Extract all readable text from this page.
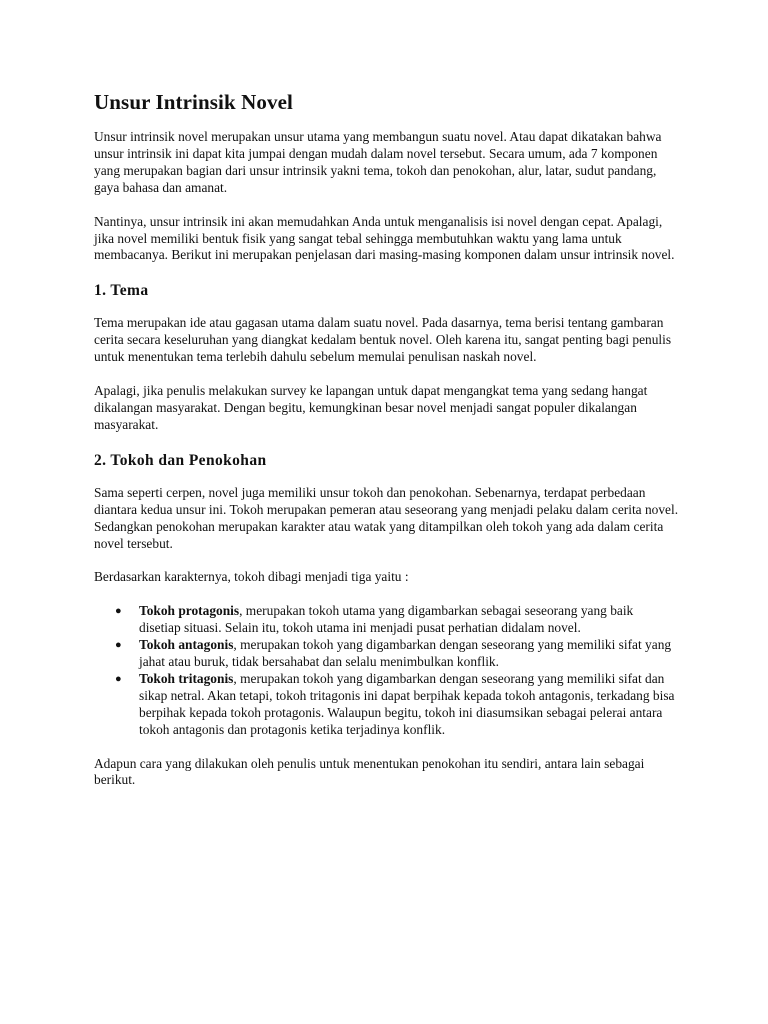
Unsur Intrinsik Novel

Unsur intrinsik novel merupakan unsur utama yang membangun suatu novel. Atau dapat dikatakan bahwa unsur intrinsik ini dapat kita jumpai dengan mudah dalam novel tersebut. Secara umum, ada 7 komponen yang merupakan bagian dari unsur intrinsik yakni tema, tokoh dan penokohan, alur, latar, sudut pandang, gaya bahasa dan amanat.

Nantinya, unsur intrinsik ini akan memudahkan Anda untuk menganalisis isi novel dengan cepat. Apalagi, jika novel memiliki bentuk fisik yang sangat tebal sehingga membutuhkan waktu yang lama untuk membacanya. Berikut ini merupakan penjelasan dari masing-masing komponen dalam unsur intrinsik novel.

1. Tema

Tema merupakan ide atau gagasan utama dalam suatu novel. Pada dasarnya, tema berisi tentang gambaran cerita secara keseluruhan yang diangkat kedalam bentuk novel. Oleh karena itu, sangat penting bagi penulis untuk menentukan tema terlebih dahulu sebelum memulai penulisan naskah novel.

Apalagi, jika penulis melakukan survey ke lapangan untuk dapat mengangkat tema yang sedang hangat dikalangan masyarakat. Dengan begitu, kemungkinan besar novel menjadi sangat populer dikalangan masyarakat.

2. Tokoh dan Penokohan

Sama seperti cerpen, novel juga memiliki unsur tokoh dan penokohan. Sebenarnya, terdapat perbedaan diantara kedua unsur ini. Tokoh merupakan pemeran atau seseorang yang menjadi pelaku dalam cerita novel. Sedangkan penokohan merupakan karakter atau watak yang ditampilkan oleh tokoh yang ada dalam cerita novel tersebut.

Berdasarkan karakternya, tokoh dibagi menjadi tiga yaitu :

● Tokoh protagonis, merupakan tokoh utama yang digambarkan sebagai seseorang yang baik disetiap situasi. Selain itu, tokoh utama ini menjadi pusat perhatian didalam novel.
● Tokoh antagonis, merupakan tokoh yang digambarkan dengan seseorang yang memiliki sifat yang jahat atau buruk, tidak bersahabat dan selalu menimbulkan konflik.
● Tokoh tritagonis, merupakan tokoh yang digambarkan dengan seseorang yang memiliki sifat dan sikap netral. Akan tetapi, tokoh tritagonis ini dapat berpihak kepada tokoh antagonis, terkadang bisa berpihak kepada tokoh protagonis. Walaupun begitu, tokoh ini diasumsikan sebagai pelerai antara tokoh antagonis dan protagonis ketika terjadinya konflik.

Adapun cara yang dilakukan oleh penulis untuk menentukan penokohan itu sendiri, antara lain sebagai berikut.
